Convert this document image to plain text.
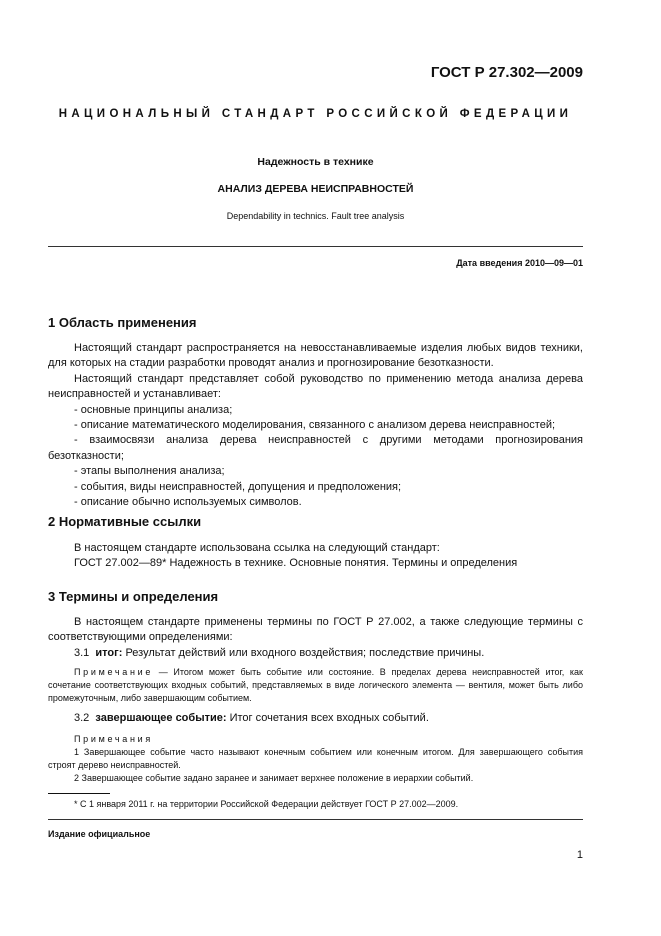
ГОСТ Р 27.302—2009
НАЦИОНАЛЬНЫЙ СТАНДАРТ РОССИЙСКОЙ ФЕДЕРАЦИИ
Надежность в технике
АНАЛИЗ ДЕРЕВА НЕИСПРАВНОСТЕЙ
Dependability in technics. Fault tree analysis
Дата введения 2010—09—01
1 Область применения

Настоящий стандарт распространяется на невосстанавливаемые изделия любых видов техники, для которых на стадии разработки проводят анализ и прогнозирование безотказности.

Настоящий стандарт представляет собой руководство по применению метода анализа дерева неисправностей и устанавливает:

- основные принципы анализа;

- описание математического моделирования, связанного с анализом дерева неисправностей;

- взаимосвязи анализа дерева неисправностей с другими методами прогнозирования безотказности;

- этапы выполнения анализа;

- события, виды неисправностей, допущения и предположения;

- описание обычно используемых символов.

2 Нормативные ссылки

В настоящем стандарте использована ссылка на следующий стандарт:

ГОСТ 27.002—89* Надежность в технике. Основные понятия. Термины и определения

3 Термины и определения

В настоящем стандарте применены термины по ГОСТ Р 27.002, а также следующие термины с соответствующими определениями:

3.1 итог: Результат действий или входного воздействия; последствие причины.

Примечание — Итогом может быть событие или состояние. В пределах дерева неисправностей итог, как сочетание соответствующих входных событий, представляемых в виде логического элемента — вентиля, может быть либо промежуточным, либо завершающим событием.

3.2 завершающее событие: Итог сочетания всех входных событий.

Примечания

1 Завершающее событие часто называют конечным событием или конечным итогом. Для завершающего события строят дерево неисправностей.

2 Завершающее событие задано заранее и занимает верхнее положение в иерархии событий.

* С 1 января 2011 г. на территории Российской Федерации действует ГОСТ Р 27.002—2009.
Издание официальное
1
